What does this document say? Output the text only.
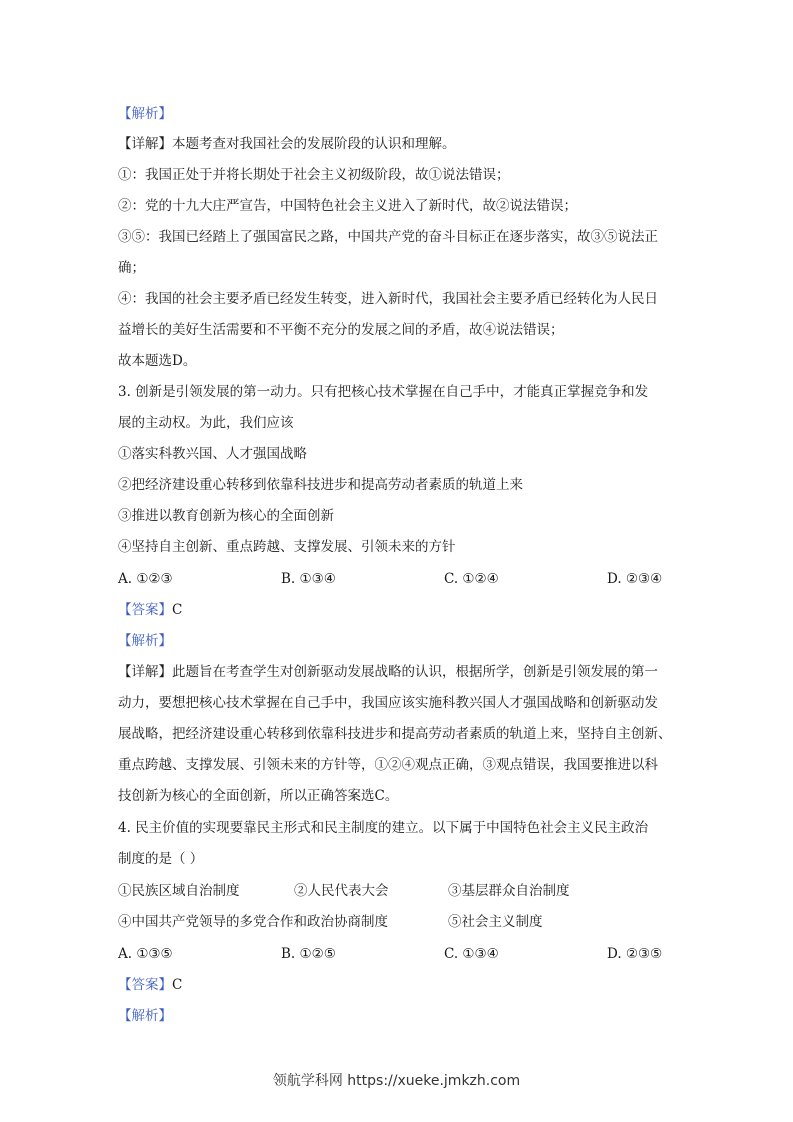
【解析】
【详解】本题考查对我国社会的发展阶段的认识和理解。
①：我国正处于并将长期处于社会主义初级阶段，故①说法错误；
②：党的十九大庄严宣告，中国特色社会主义进入了新时代，故②说法错误；
③⑤：我国已经踏上了强国富民之路，中国共产党的奋斗目标正在逐步落实，故③⑤说法正
确；
④：我国的社会主要矛盾已经发生转变，进入新时代，我国社会主要矛盾已经转化为人民日
益增长的美好生活需要和不平衡不充分的发展之间的矛盾，故④说法错误；
故本题选D。
3. 创新是引领发展的第一动力。只有把核心技术掌握在自己手中，才能真正掌握竞争和发
展的主动权。为此，我们应该
①落实科教兴国、人才强国战略
②把经济建设重心转移到依靠科技进步和提高劳动者素质的轨道上来
③推进以教育创新为核心的全面创新
④坚持自主创新、重点跨越、支撑发展、引领未来的方针
A. ①②③	B. ①③④	C. ①②④	D. ②③④
【答案】C
【解析】
【详解】此题旨在考查学生对创新驱动发展战略的认识，根据所学，创新是引领发展的第一
动力，要想把核心技术掌握在自己手中，我国应该实施科教兴国人才强国战略和创新驱动发
展战略，把经济建设重心转移到依靠科技进步和提高劳动者素质的轨道上来，坚持自主创新、
重点跨越、支撑发展、引领未来的方针等，①②④观点正确，③观点错误，我国要推进以科
技创新为核心的全面创新，所以正确答案选C。
4. 民主价值的实现要靠民主形式和民主制度的建立。以下属于中国特色社会主义民主政治
制度的是（ ）
①民族区域自治制度	②人民代表大会	③基层群众自治制度
④中国共产党领导的多党合作和政治协商制度	⑤社会主义制度
A. ①③⑤	B. ①②⑤	C. ①③④	D. ②③⑤
【答案】C
【解析】
领航学科网 https://xueke.jmkzh.com
